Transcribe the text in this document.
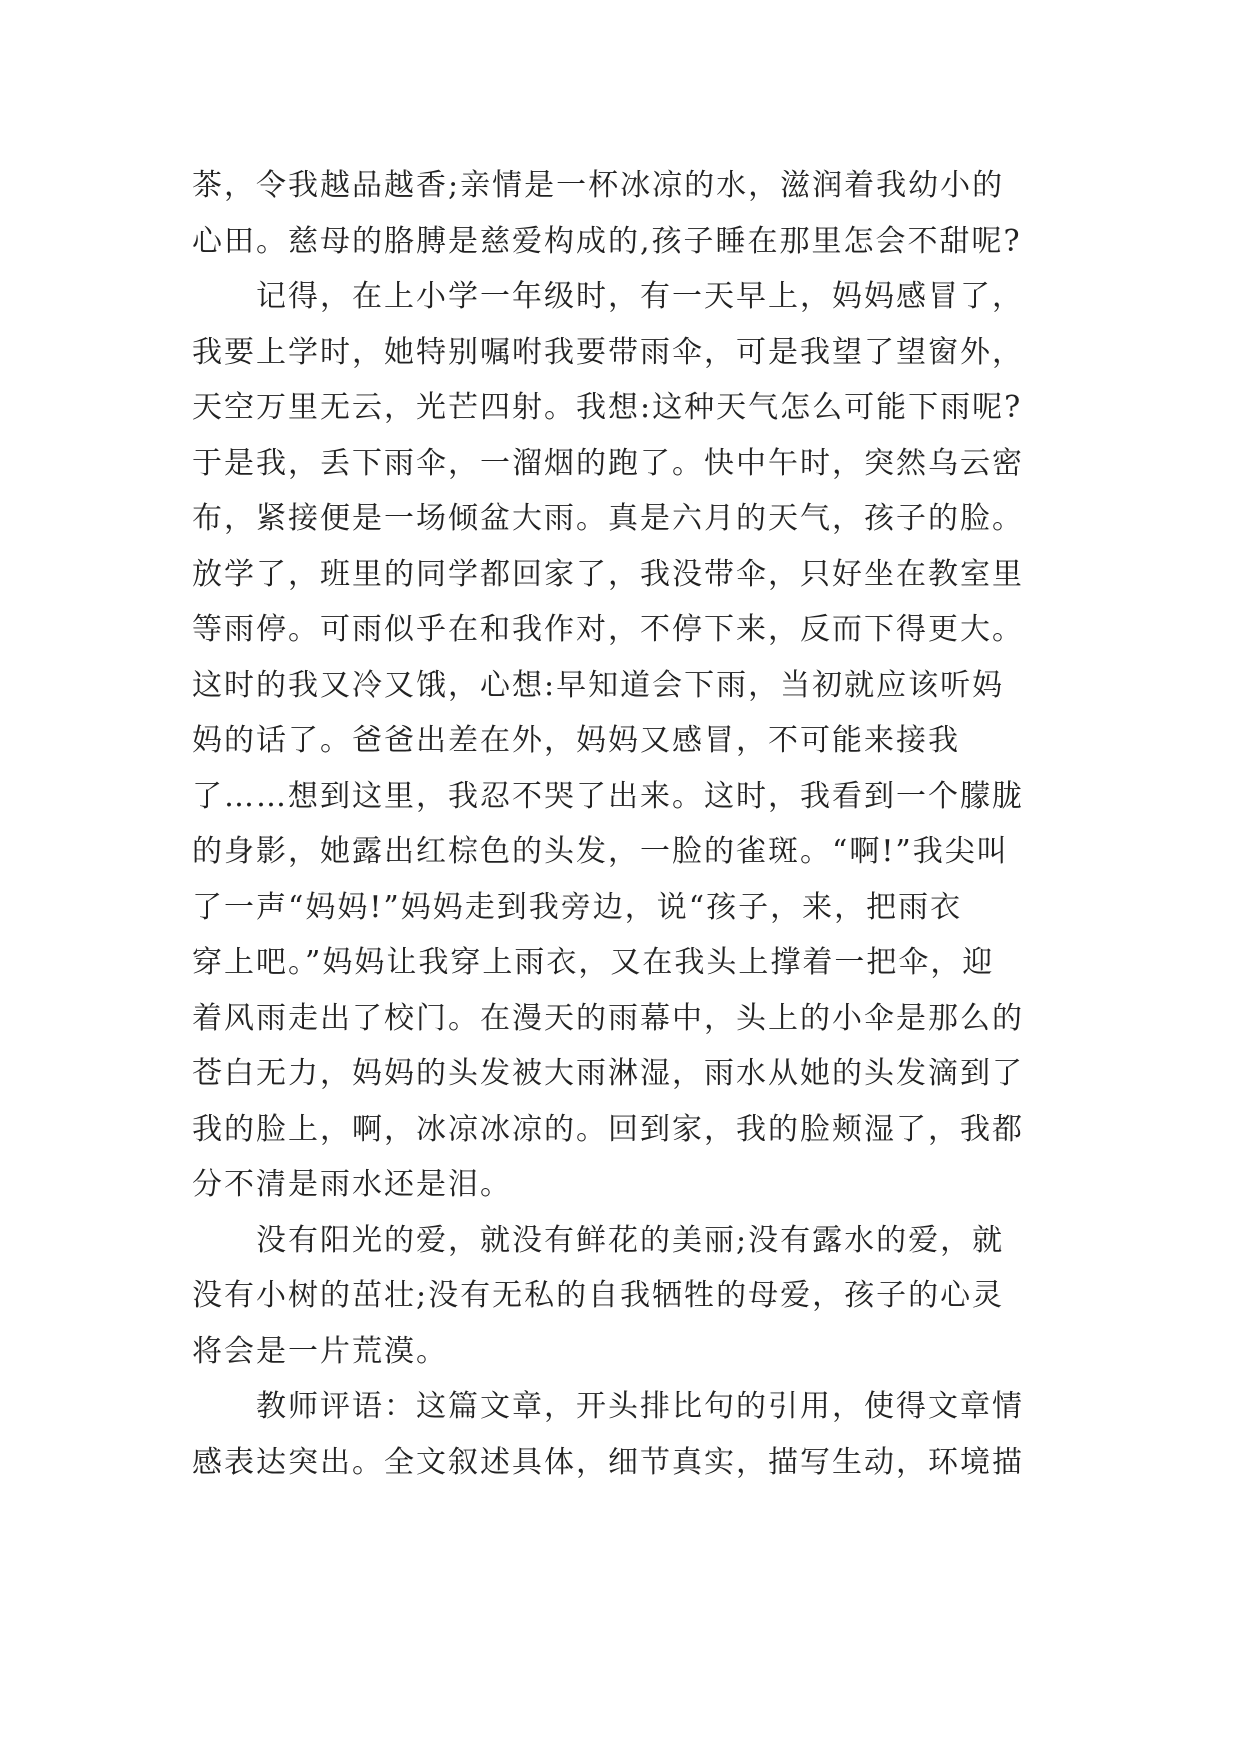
茶，令我越品越香;亲情是一杯冰凉的水，滋润着我幼小的
心田。慈母的胳膊是慈爱构成的,孩子睡在那里怎会不甜呢?
记得，在上小学一年级时，有一天早上，妈妈感冒了，
我要上学时，她特别嘱咐我要带雨伞，可是我望了望窗外，
天空万里无云，光芒四射。我想:这种天气怎么可能下雨呢?
于是我，丢下雨伞，一溜烟的跑了。快中午时，突然乌云密
布，紧接便是一场倾盆大雨。真是六月的天气，孩子的脸。
放学了，班里的同学都回家了，我没带伞，只好坐在教室里
等雨停。可雨似乎在和我作对，不停下来，反而下得更大。
这时的我又冷又饿，心想:早知道会下雨，当初就应该听妈
妈的话了。爸爸出差在外，妈妈又感冒，不可能来接我
了……想到这里，我忍不哭了出来。这时，我看到一个朦胧
的身影，她露出红棕色的头发，一脸的雀斑。“啊!”我尖叫
了一声“妈妈!”妈妈走到我旁边，说“孩子，来，把雨衣
穿上吧。”妈妈让我穿上雨衣，又在我头上撑着一把伞，迎
着风雨走出了校门。在漫天的雨幕中，头上的小伞是那么的
苍白无力，妈妈的头发被大雨淋湿，雨水从她的头发滴到了
我的脸上，啊，冰凉冰凉的。回到家，我的脸颊湿了，我都
分不清是雨水还是泪。
没有阳光的爱，就没有鲜花的美丽;没有露水的爱，就
没有小树的茁壮;没有无私的自我牺牲的母爱，孩子的心灵
将会是一片荒漠。
教师评语：这篇文章，开头排比句的引用，使得文章情
感表达突出。全文叙述具体，细节真实，描写生动，环境描
